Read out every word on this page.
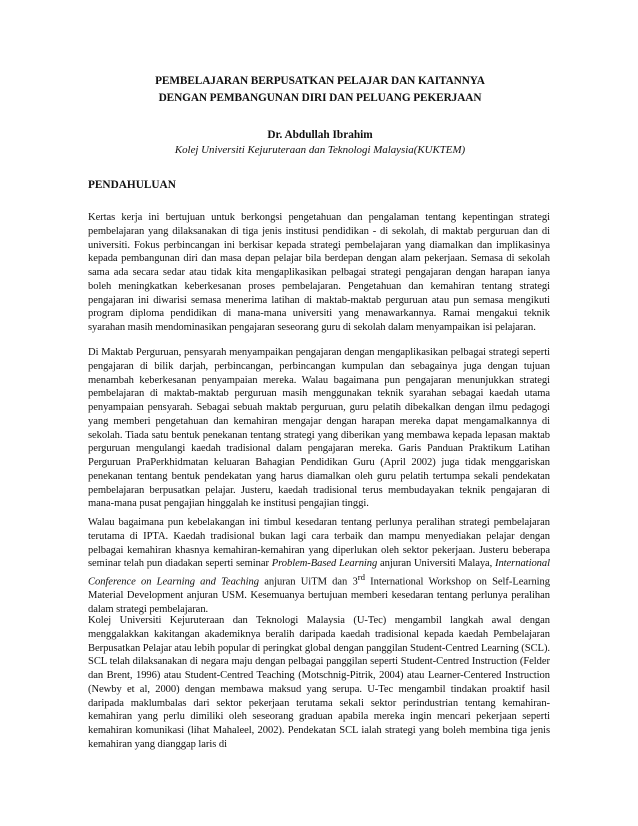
PEMBELAJARAN BERPUSATKAN PELAJAR DAN KAITANNYA
DENGAN PEMBANGUNAN DIRI DAN PELUANG PEKERJAAN
Dr. Abdullah Ibrahim
Kolej Universiti Kejuruteraan dan Teknologi Malaysia(KUKTEM)
PENDAHULUAN
Kertas kerja ini bertujuan untuk berkongsi pengetahuan dan pengalaman tentang kepentingan strategi pembelajaran yang dilaksanakan di tiga jenis institusi pendidikan - di sekolah, di maktab perguruan dan di universiti. Fokus perbincangan ini berkisar kepada strategi pembelajaran yang diamalkan dan implikasinya kepada pembangunan diri dan masa depan pelajar bila berdepan dengan alam pekerjaan. Semasa di sekolah sama ada secara sedar atau tidak kita mengaplikasikan pelbagai strategi pengajaran dengan harapan ianya boleh meningkatkan keberkesanan proses pembelajaran. Pengetahuan dan kemahiran tentang strategi pengajaran ini diwarisi semasa menerima latihan di maktab-maktab perguruan atau pun semasa mengikuti program diploma pendidikan di mana-mana universiti yang menawarkannya. Ramai mengakui teknik syarahan masih mendominasikan pengajaran seseorang guru di sekolah dalam menyampaikan isi pelajaran.
Di Maktab Perguruan, pensyarah menyampaikan pengajaran dengan mengaplikasikan pelbagai strategi seperti pengajaran di bilik darjah, perbincangan, perbincangan kumpulan dan sebagainya juga dengan tujuan menambah keberkesanan penyampaian mereka. Walau bagaimana pun pengajaran menunjukkan strategi pembelajaran di maktab-maktab perguruan masih menggunakan teknik syarahan sebagai kaedah utama penyampaian pensyarah. Sebagai sebuah maktab perguruan, guru pelatih dibekalkan dengan ilmu pedagogi yang memberi pengetahuan dan kemahiran mengajar dengan harapan mereka dapat mengamalkannya di sekolah. Tiada satu bentuk penekanan tentang strategi yang diberikan yang membawa kepada lepasan maktab perguruan mengulangi kaedah tradisional dalam pengajaran mereka. Garis Panduan Praktikum Latihan Perguruan PraPerkhidmatan keluaran Bahagian Pendidikan Guru (April 2002) juga tidak menggariskan penekanan tentang bentuk pendekatan yang harus diamalkan oleh guru pelatih tertumpa sekali pendekatan pembelajaran berpusatkan pelajar. Justeru, kaedah tradisional terus membudayakan teknik pengajaran di mana-mana pusat pengajian hinggalah ke institusi pengajian tinggi.
Walau bagaimana pun kebelakangan ini timbul kesedaran tentang perlunya peralihan strategi pembelajaran terutama di IPTA. Kaedah tradisional bukan lagi cara terbaik dan mampu menyediakan pelajar dengan pelbagai kemahiran khasnya kemahiran-kemahiran yang diperlukan oleh sektor pekerjaan. Justeru beberapa seminar telah pun diadakan seperti seminar Problem-Based Learning anjuran Universiti Malaya, International Conference on Learning and Teaching anjuran UiTM dan 3rd International Workshop on Self-Learning Material Development anjuran USM. Kesemuanya bertujuan memberi kesedaran tentang perlunya peralihan dalam strategi pembelajaran.
Kolej Universiti Kejuruteraan dan Teknologi Malaysia (U-Tec) mengambil langkah awal dengan menggalakkan kakitangan akademiknya beralih daripada kaedah tradisional kepada kaedah Pembelajaran Berpusatkan Pelajar atau lebih popular di peringkat global dengan panggilan Student-Centred Learning (SCL). SCL telah dilaksanakan di negara maju dengan pelbagai panggilan seperti Student-Centred Instruction (Felder dan Brent, 1996) atau Student-Centred Teaching (Motschnig-Pitrik, 2004) atau Learner-Centered Instruction (Newby et al, 2000) dengan membawa maksud yang serupa. U-Tec mengambil tindakan proaktif hasil daripada maklumbalas dari sektor pekerjaan terutama sekali sektor perindustrian tentang kemahiran-kemahiran yang perlu dimiliki oleh seseorang graduan apabila mereka ingin mencari pekerjaan seperti kemahiran komunikasi (lihat Mahaleel, 2002). Pendekatan SCL ialah strategi yang boleh membina tiga jenis kemahiran yang dianggap laris di
